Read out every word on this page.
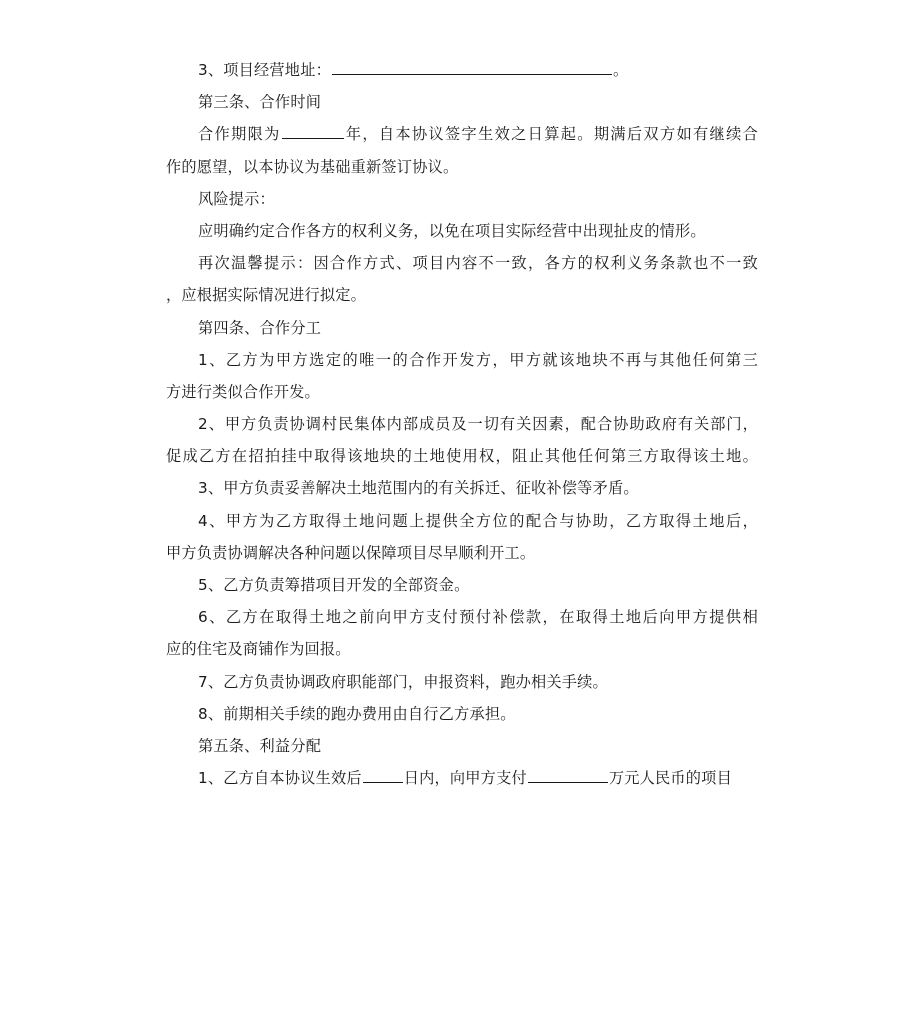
3、项目经营地址：	。
第三条、合作时间
合作期限为	年，自本协议签字生效之日算起。期满后双方如有继续合
作的愿望，以本协议为基础重新签订协议。
风险提示：
应明确约定合作各方的权利义务，以免在项目实际经营中出现扯皮的情形。
再次温馨提示：因合作方式、项目内容不一致，各方的权利义务条款也不一致
，应根据实际情况进行拟定。
第四条、合作分工
1、乙方为甲方选定的唯一的合作开发方，甲方就该地块不再与其他任何第三
方进行类似合作开发。
2、甲方负责协调村民集体内部成员及一切有关因素，配合协助政府有关部门，
促成乙方在招拍挂中取得该地块的土地使用权，阻止其他任何第三方取得该土地。
3、甲方负责妥善解决土地范围内的有关拆迁、征收补偿等矛盾。
4、甲方为乙方取得土地问题上提供全方位的配合与协助，乙方取得土地后，
甲方负责协调解决各种问题以保障项目尽早顺利开工。
5、乙方负责筹措项目开发的全部资金。
6、乙方在取得土地之前向甲方支付预付补偿款，在取得土地后向甲方提供相
应的住宅及商铺作为回报。
7、乙方负责协调政府职能部门，申报资料，跑办相关手续。
8、前期相关手续的跑办费用由自行乙方承担。
第五条、利益分配
1、乙方自本协议生效后	日内，向甲方支付	万元人民币的项目
